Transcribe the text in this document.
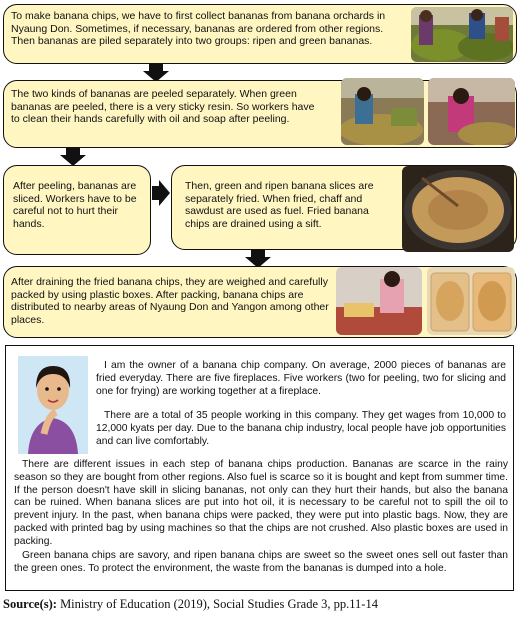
To make banana chips, we have to first collect bananas from banana orchards in Nyaung Don. Sometimes, if necessary, bananas are ordered from other regions. Then bananas are piled separately into two groups: ripen and green bananas.
The two kinds of bananas are peeled separately. When green bananas are peeled, there is a very sticky resin. So workers have to clean their hands carefully with oil and soap after peeling.
After peeling, bananas are sliced. Workers have to be careful not to hurt their hands.
Then, green and ripen banana slices are separately fried. When fried, chaff and sawdust are used as fuel. Fried banana chips are drained using a sift.
After draining the fried banana chips, they are weighed and carefully packed by using plastic boxes. After packing, banana chips are distributed to nearby areas of Nyaung Don and Yangon among other places.

I am the owner of a banana chip company. On average, 2000 pieces of bananas are fried everyday. There are five fireplaces. Five workers (two for peeling, two for slicing and one for frying) are working together at a fireplace.

There are a total of 35 people working in this company. They get wages from 10,000 to 12,000 kyats per day. Due to the banana chip industry, local people have job opportunities and can live comfortably.

There are different issues in each step of banana chips production. Bananas are scarce in the rainy season so they are bought from other regions. Also fuel is scarce so it is bought and kept from summer time. If the person doesn't have skill in slicing bananas, not only can they hurt their hands, but also the banana can be ruined. When banana slices are put into hot oil, it is necessary to be careful not to spill the oil to prevent injury. In the past, when banana chips were packed, they were put into plastic bags. Now, they are packed with printed bag by using machines so that the chips are not crushed. Also plastic boxes are used in packing.

Green banana chips are savory, and ripen banana chips are sweet so the sweet ones sell out faster than the green ones. To protect the environment, the waste from the bananas is dumped into a hole.

Source(s): Ministry of Education (2019), Social Studies Grade 3, pp.11-14
